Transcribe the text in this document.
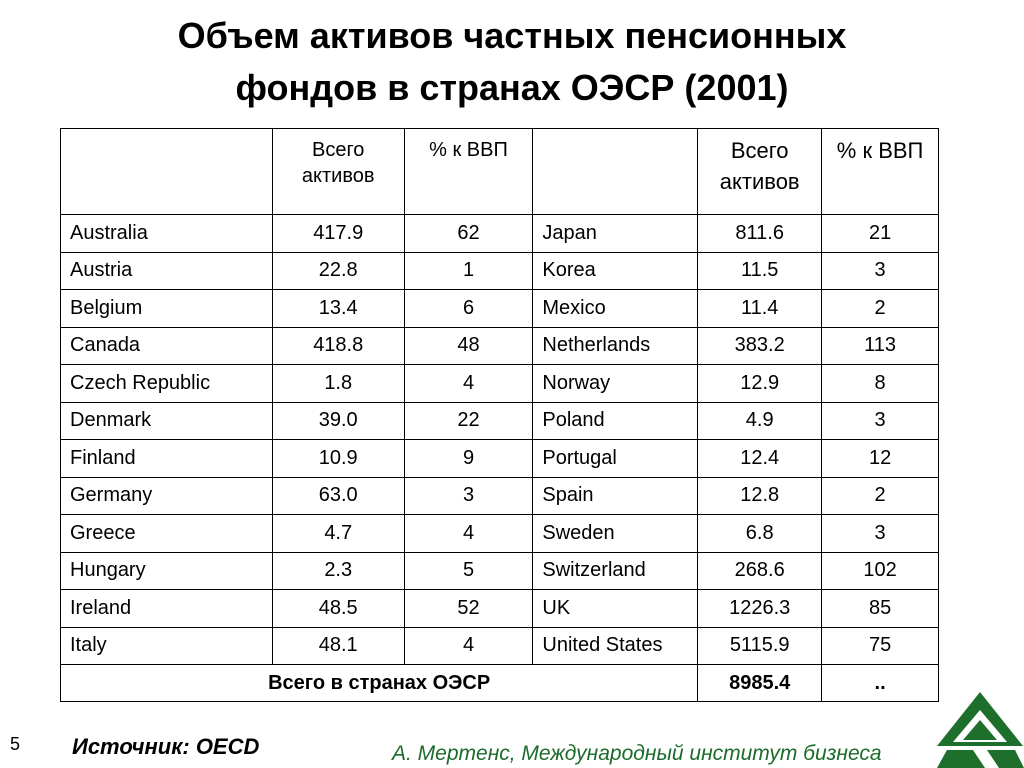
Объем активов частных пенсионных
фондов в странах ОЭСР (2001)
	Всего активов	% к ВВП		Всего активов	% к ВВП
Australia	417.9	62	Japan	811.6	21
Austria	22.8	1	Korea	11.5	3
Belgium	13.4	6	Mexico	11.4	2
Canada	418.8	48	Netherlands	383.2	113
Czech Republic	1.8	4	Norway	12.9	8
Denmark	39.0	22	Poland	4.9	3
Finland	10.9	9	Portugal	12.4	12
Germany	63.0	3	Spain	12.8	2
Greece	4.7	4	Sweden	6.8	3
Hungary	2.3	5	Switzerland	268.6	102
Ireland	48.5	52	UK	1226.3	85
Italy	48.1	4	United States	5115.9	75
Всего в странах ОЭСР				8985.4	..
5 Источник: OECD	А. Мертенс, Международный институт бизнеса
